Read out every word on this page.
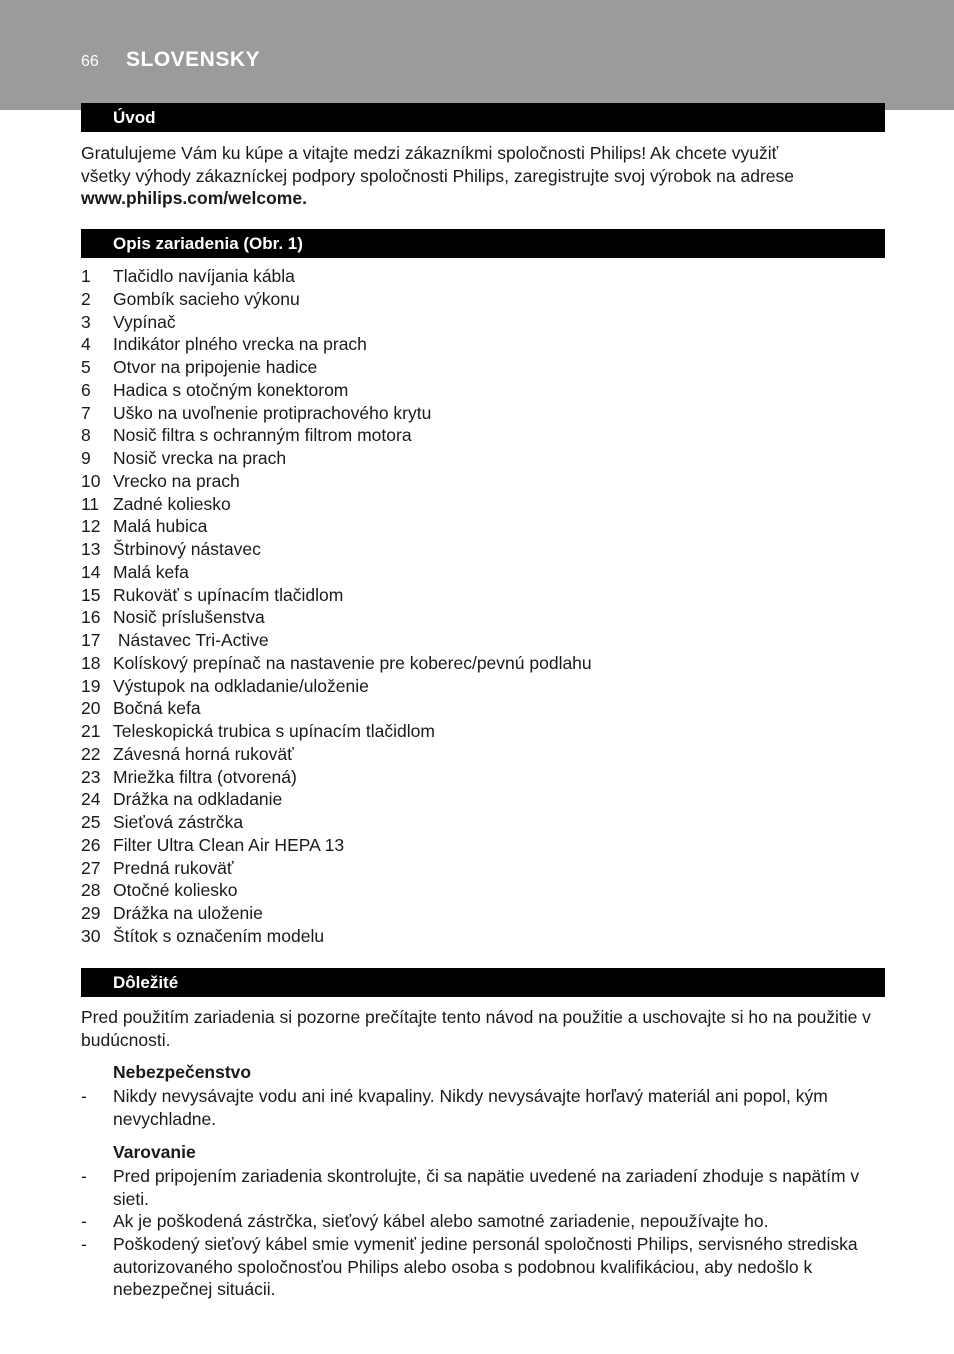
66 SLOVENSKY
Úvod

Gratulujeme Vám ku kúpe a vitajte medzi zákazníkmi spoločnosti Philips! Ak chcete využiť všetky výhody zákazníckej podpory spoločnosti Philips, zaregistrujte svoj výrobok na adrese www.philips.com/welcome.

Opis zariadenia (Obr. 1)
1	Tlačidlo navíjania kábla
2	Gombík sacieho výkonu
3	Vypínač
4	Indikátor plného vrecka na prach
5	Otvor na pripojenie hadice
6	Hadica s otočným konektorom
7	Uško na uvoľnenie protiprachového krytu
8	Nosič filtra s ochranným filtrom motora
9	Nosič vrecka na prach
10 Vrecko na prach
11 Zadné koliesko
12 Malá hubica
13 Štrbinový nástavec
14 Malá kefa
15 Rukoväť s upínacím tlačidlom
16 Nosič príslušenstva
17 Nástavec Tri-Active
18 Kolískový prepínač na nastavenie pre koberec/pevnú podlahu
19 Výstupok na odkladanie/uloženie
20 Bočná kefa
21 Teleskopická trubica s upínacím tlačidlom
22 Závesná horná rukoväť
23 Mriežka filtra (otvorená)
24 Drážka na odkladanie
25 Sieťová zástrčka
26 Filter Ultra Clean Air HEPA 13
27 Predná rukoväť
28 Otočné koliesko
29 Drážka na uloženie
30 Štítok s označením modelu
Dôležité

Pred použitím zariadenia si pozorne prečítajte tento návod na použitie a uschovajte si ho na použitie v budúcnosti.

Nebezpečenstvo

-	Nikdy nevysávajte vodu ani iné kvapaliny. Nikdy nevysávajte horľavý materiál ani popol, kým nevychladne.

Varovanie

-	Pred pripojením zariadenia skontrolujte, či sa napätie uvedené na zariadení zhoduje s napätím v sieti.
-	Ak je poškodená zástrčka, sieťový kábel alebo samotné zariadenie, nepoužívajte ho.
-	Poškodený sieťový kábel smie vymeniť jedine personál spoločnosti Philips, servisného strediska autorizovaného spoločnosťou Philips alebo osoba s podobnou kvalifikáciou, aby nedošlo k nebezpečnej situácii.
